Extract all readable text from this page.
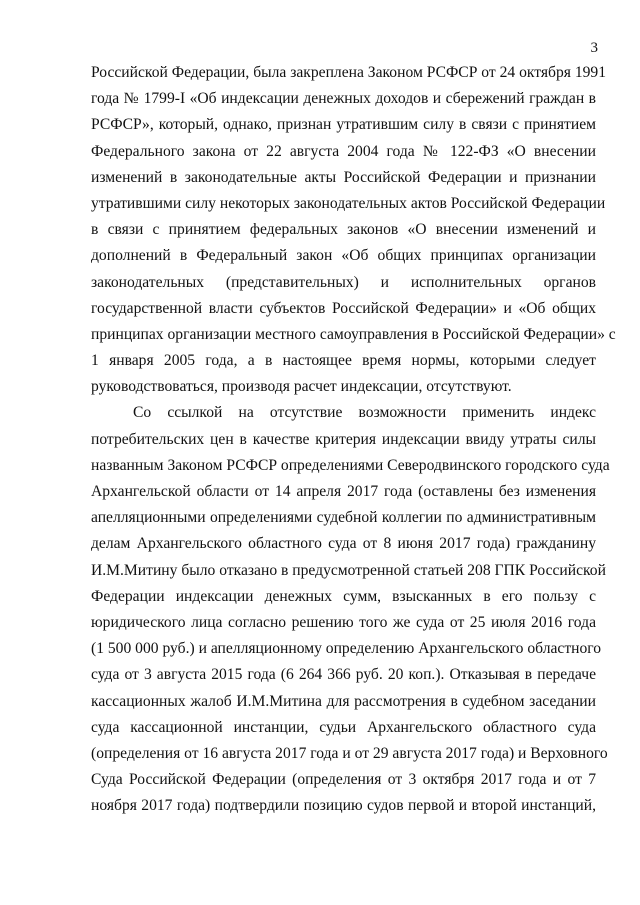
3
Российской Федерации, была закреплена Законом РСФСР от 24 октября 1991
года № 1799-I «Об индексации денежных доходов и сбережений граждан в
РСФСР», который, однако, признан утратившим силу в связи с принятием
Федерального закона от 22 августа 2004 года № 122-ФЗ «О внесении
изменений в законодательные акты Российской Федерации и признании
утратившими силу некоторых законодательных актов Российской Федерации
в связи с принятием федеральных законов «О внесении изменений и
дополнений в Федеральный закон «Об общих принципах организации
законодательных (представительных) и исполнительных органов
государственной власти субъектов Российской Федерации» и «Об общих
принципах организации местного самоуправления в Российской Федерации» с
1 января 2005 года, а в настоящее время нормы, которыми следует
руководствоваться, производя расчет индексации, отсутствуют.
Со ссылкой на отсутствие возможности применить индекс
потребительских цен в качестве критерия индексации ввиду утраты силы
названным Законом РСФСР определениями Северодвинского городского суда
Архангельской области от 14 апреля 2017 года (оставлены без изменения
апелляционными определениями судебной коллегии по административным
делам Архангельского областного суда от 8 июня 2017 года) гражданину
И.М.Митину было отказано в предусмотренной статьей 208 ГПК Российской
Федерации индексации денежных сумм, взысканных в его пользу с
юридического лица согласно решению того же суда от 25 июля 2016 года
(1 500 000 руб.) и апелляционному определению Архангельского областного
суда от 3 августа 2015 года (6 264 366 руб. 20 коп.). Отказывая в передаче
кассационных жалоб И.М.Митина для рассмотрения в судебном заседании
суда кассационной инстанции, судьи Архангельского областного суда
(определения от 16 августа 2017 года и от 29 августа 2017 года) и Верховного
Суда Российской Федерации (определения от 3 октября 2017 года и от 7
ноября 2017 года) подтвердили позицию судов первой и второй инстанций,
